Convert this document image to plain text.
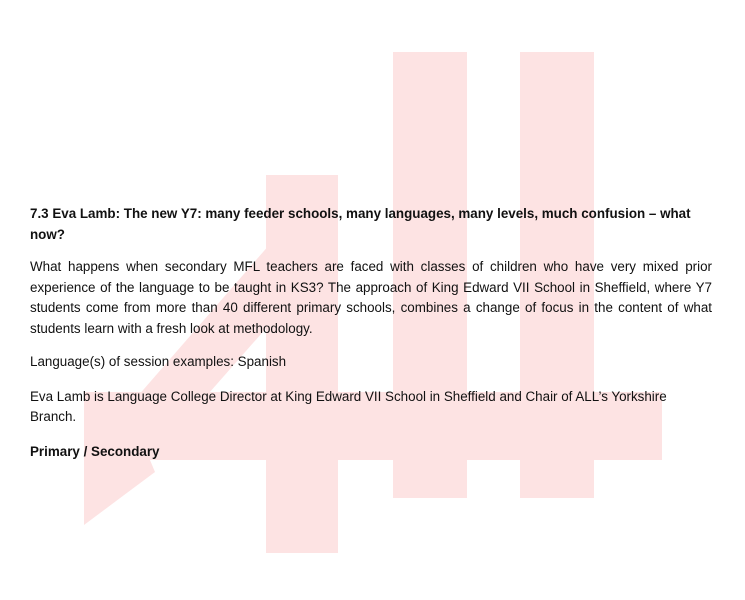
7.3 Eva Lamb: The new Y7: many feeder schools, many languages, many levels, much confusion – what now?

What happens when secondary MFL teachers are faced with classes of children who have very mixed prior experience of the language to be taught in KS3? The approach of King Edward VII School in Sheffield, where Y7 students come from more than 40 different primary schools, combines a change of focus in the content of what students learn with a fresh look at methodology.

Language(s) of session examples: Spanish

Eva Lamb is Language College Director at King Edward VII School in Sheffield and Chair of ALL’s Yorkshire Branch.

Primary / Secondary
